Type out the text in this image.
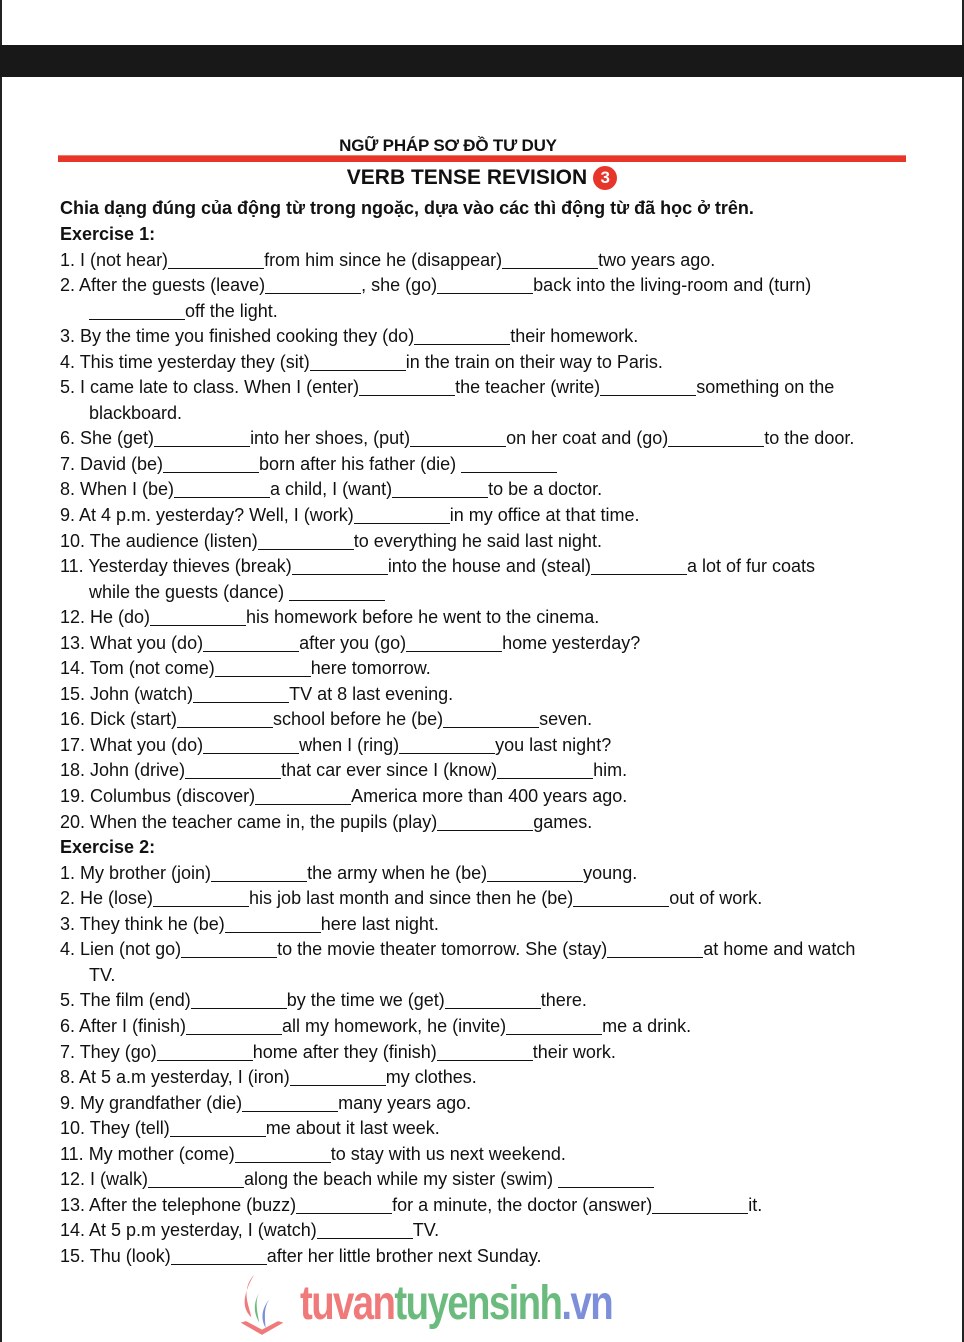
NGỮ PHÁP SƠ ĐỒ TƯ DUY
VERB TENSE REVISION 3
Chia dạng đúng của động từ trong ngoặc, dựa vào các thì động từ đã học ở trên.
Exercise 1:
1. I (not hear)	from him since he (disappear)	two years ago.
2. After the guests (leave)	, she (go)	back into the living-room and (turn)
off the light.
3. By the time you finished cooking they (do)	their homework.
4. This time yesterday they (sit)	in the train on their way to Paris.
5. I came late to class. When I (enter)	the teacher (write)	something on the
blackboard.
6. She (get)	into her shoes, (put)	on her coat and (go)	to the door.
7. David (be)	born after his father (die)
8. When I (be)	a child, I (want)	to be a doctor.
9. At 4 p.m. yesterday? Well, I (work)	in my office at that time.
10. The audience (listen)	to everything he said last night.
11. Yesterday thieves (break)	into the house and (steal)	a lot of fur coats
while the guests (dance)
12. He (do)	his homework before he went to the cinema.
13. What you (do)	after you (go)	home yesterday?
14. Tom (not come)	here tomorrow.
15. John (watch)	TV at 8 last evening.
16. Dick (start)	school before he (be)	seven.
17. What you (do)	when I (ring)	you last night?
18. John (drive)	that car ever since I (know)	him.
19. Columbus (discover)	America more than 400 years ago.
20. When the teacher came in, the pupils (play)	games.
Exercise 2:
1. My brother (join)	the army when he (be)	young.
2. He (lose)	his job last month and since then he (be)	out of work.
3. They think he (be)	here last night.
4. Lien (not go)	to the movie theater tomorrow. She (stay)	at home and watch
TV.
5. The film (end)	by the time we (get)	there.
6. After I (finish)	all my homework, he (invite)	me a drink.
7. They (go)	home after they (finish)	their work.
8. At 5 a.m yesterday, I (iron)	my clothes.
9. My grandfather (die)	many years ago.
10. They (tell)	me about it last week.
11. My mother (come)	to stay with us next weekend.
12. I (walk)	along the beach while my sister (swim)
13. After the telephone (buzz)	for a minute, the doctor (answer)	it.
14. At 5 p.m yesterday, I (watch)	TV.
15. Thu (look)	after her little brother next Sunday.
tuvantuyensinh.vn
